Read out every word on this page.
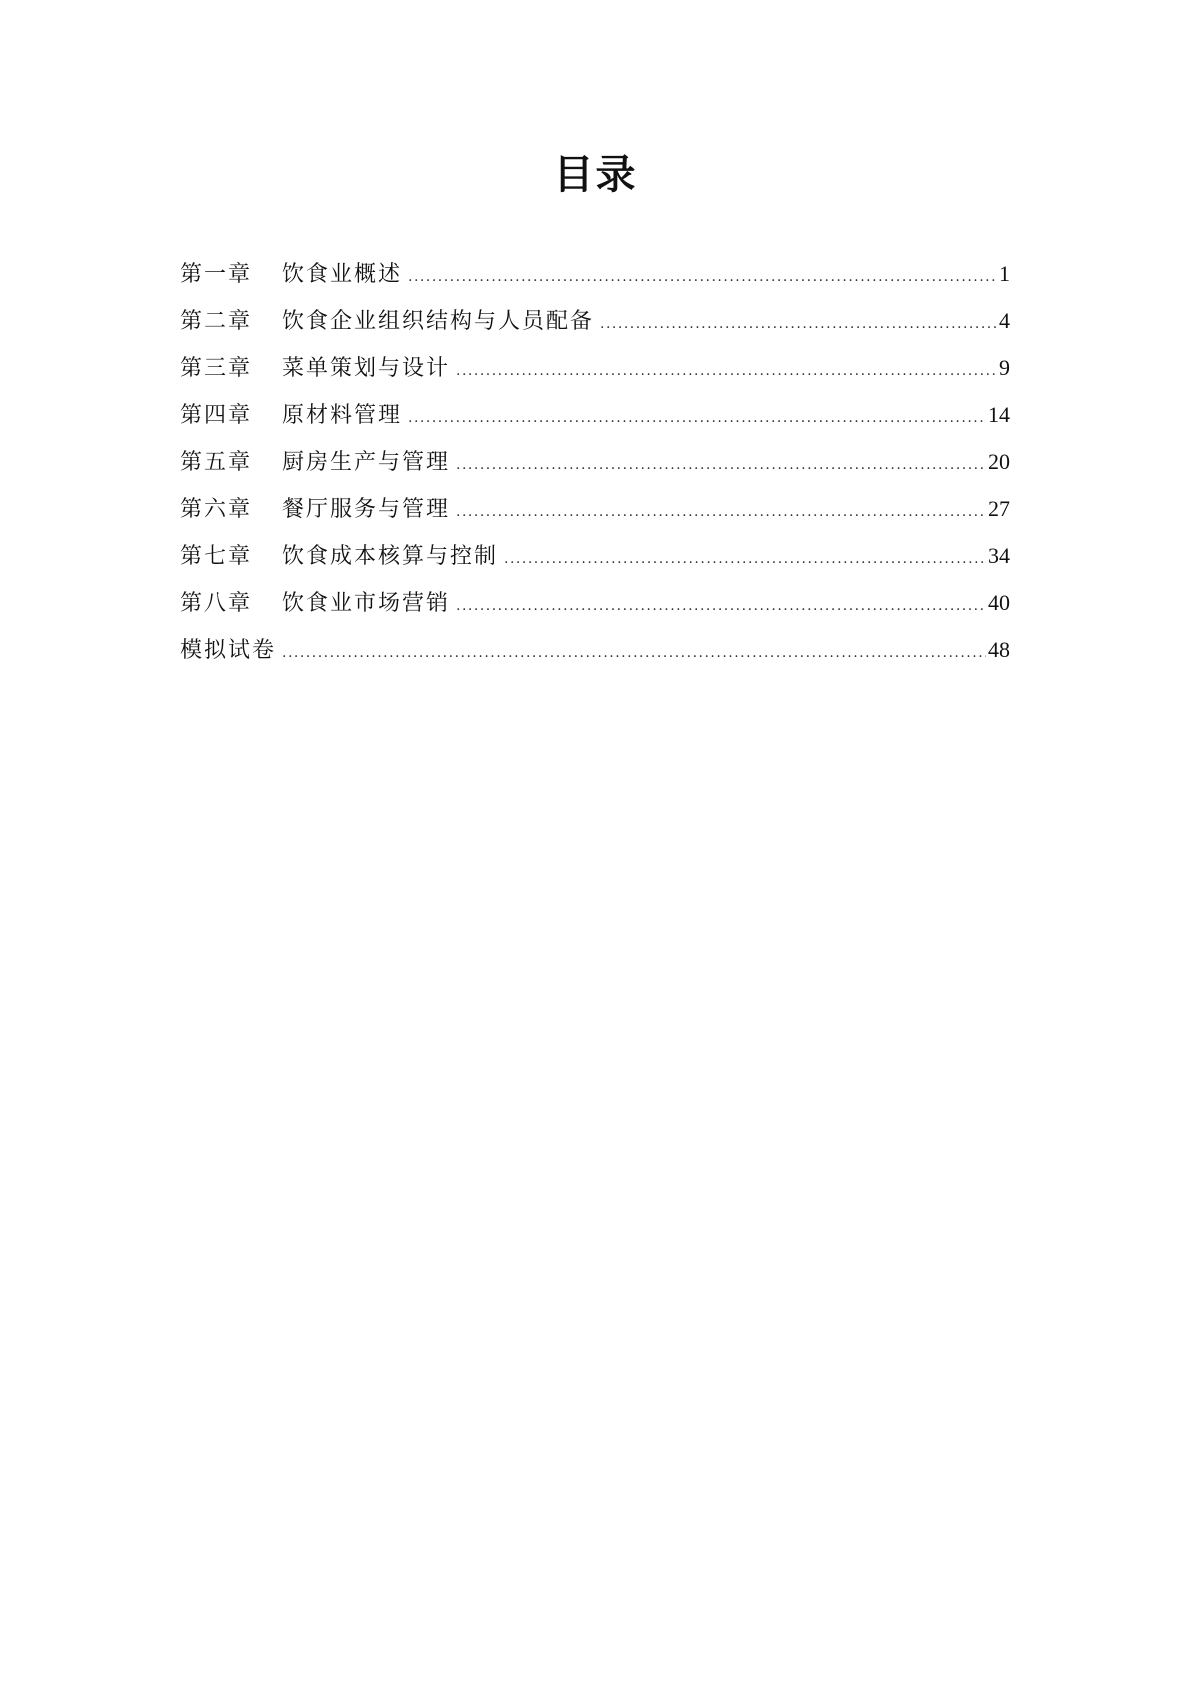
目录
第一章	饮食业概述 .....	1
第二章	饮食企业组织结构与人员配备 .....	4
第三章	菜单策划与设计 .....	9
第四章	原材料管理 .....	14
第五章	厨房生产与管理 .....	20
第六章	餐厅服务与管理 .....	27
第七章	饮食成本核算与控制 .....	34
第八章	饮食业市场营销 .....	40
模拟试卷 .....	48
